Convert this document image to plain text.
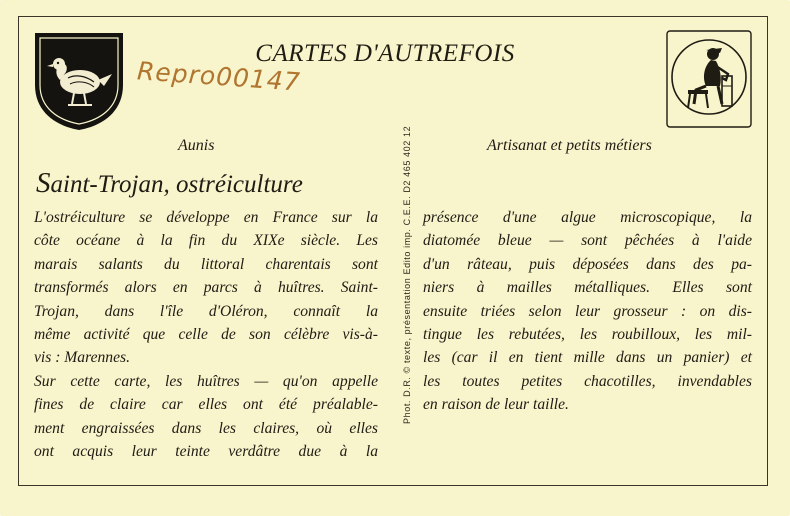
CARTES D'AUTREFOIS
Repro00147
Aunis	Artisanat et petits métiers
Saint-Trojan, ostréiculture
L'ostréiculture se développe en France sur la
côte océane à la fin du XIXe siècle. Les
marais salants du littoral charentais sont
transformés alors en parcs à huîtres. Saint-
Trojan, dans l'île d'Oléron, connaît la
même activité que celle de son célèbre vis-à-
vis : Marennes.
Sur cette carte, les huîtres — qu'on appelle
fines de claire car elles ont été préalable-
ment engraissées dans les claires, où elles
ont acquis leur teinte verdâtre due à la
Phot. D.R. © texte, présentation Edito imp. C.E.E. D2 465 402 12 présence d'une algue microscopique, la
diatomée bleue — sont pêchées à l'aide
d'un râteau, puis déposées dans des pa-
niers à mailles métalliques. Elles sont
ensuite triées selon leur grosseur : on dis-
tingue les rebutées, les roubilloux, les mil-
les (car il en tient mille dans un panier) et
les toutes petites chacotilles, invendables
en raison de leur taille.
